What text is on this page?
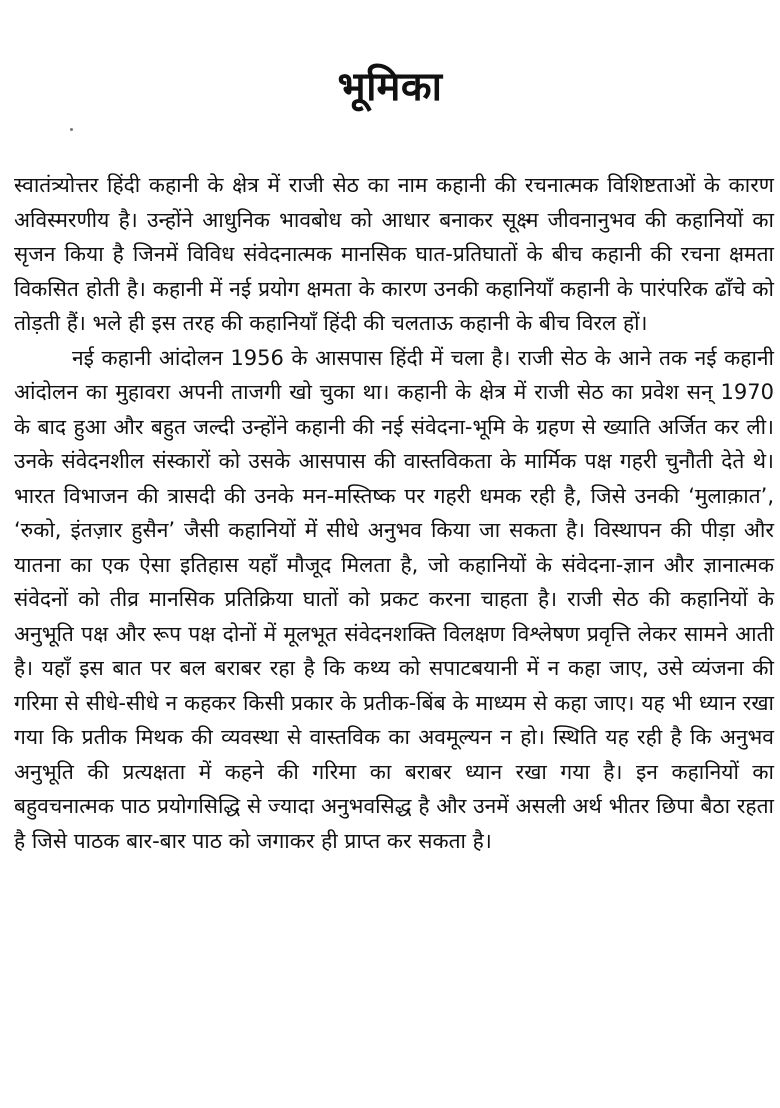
भूमिका

स्वातंत्र्योत्तर हिंदी कहानी के क्षेत्र में राजी सेठ का नाम कहानी की रचनात्मक विशिष्टताओं के कारण अविस्मरणीय है। उन्होंने आधुनिक भावबोध को आधार बनाकर सूक्ष्म जीवनानुभव की कहानियों का सृजन किया है जिनमें विविध संवेदनात्मक मानसिक घात-प्रतिघातों के बीच कहानी की रचना क्षमता विकसित होती है। कहानी में नई प्रयोग क्षमता के कारण उनकी कहानियाँ कहानी के पारंपरिक ढाँचे को तोड़ती हैं। भले ही इस तरह की कहानियाँ हिंदी की चलताऊ कहानी के बीच विरल हों।

नई कहानी आंदोलन 1956 के आसपास हिंदी में चला है। राजी सेठ के आने तक नई कहानी आंदोलन का मुहावरा अपनी ताजगी खो चुका था। कहानी के क्षेत्र में राजी सेठ का प्रवेश सन् 1970 के बाद हुआ और बहुत जल्दी उन्होंने कहानी की नई संवेदना-भूमि के ग्रहण से ख्याति अर्जित कर ली। उनके संवेदनशील संस्कारों को उसके आसपास की वास्तविकता के मार्मिक पक्ष गहरी चुनौती देते थे। भारत विभाजन की त्रासदी की उनके मन-मस्तिष्क पर गहरी धमक रही है, जिसे उनकी ‘मुलाक़ात’, ‘रुको, इंतज़ार हुसैन’ जैसी कहानियों में सीधे अनुभव किया जा सकता है। विस्थापन की पीड़ा और यातना का एक ऐसा इतिहास यहाँ मौजूद मिलता है, जो कहानियों के संवेदना-ज्ञान और ज्ञानात्मक संवेदनों को तीव्र मानसिक प्रतिक्रिया घातों को प्रकट करना चाहता है। राजी सेठ की कहानियों के अनुभूति पक्ष और रूप पक्ष दोनों में मूलभूत संवेदनशक्ति विलक्षण विश्लेषण प्रवृत्ति लेकर सामने आती है। यहाँ इस बात पर बल बराबर रहा है कि कथ्य को सपाटबयानी में न कहा जाए, उसे व्यंजना की गरिमा से सीधे-सीधे न कहकर किसी प्रकार के प्रतीक-बिंब के माध्यम से कहा जाए। यह भी ध्यान रखा गया कि प्रतीक मिथक की व्यवस्था से वास्तविक का अवमूल्यन न हो। स्थिति यह रही है कि अनुभव अनुभूति की प्रत्यक्षता में कहने की गरिमा का बराबर ध्यान रखा गया है। इन कहानियों का बहुवचनात्मक पाठ प्रयोगसिद्धि से ज्यादा अनुभवसिद्ध है और उनमें असली अर्थ भीतर छिपा बैठा रहता है जिसे पाठक बार-बार पाठ को जगाकर ही प्राप्त कर सकता है।
